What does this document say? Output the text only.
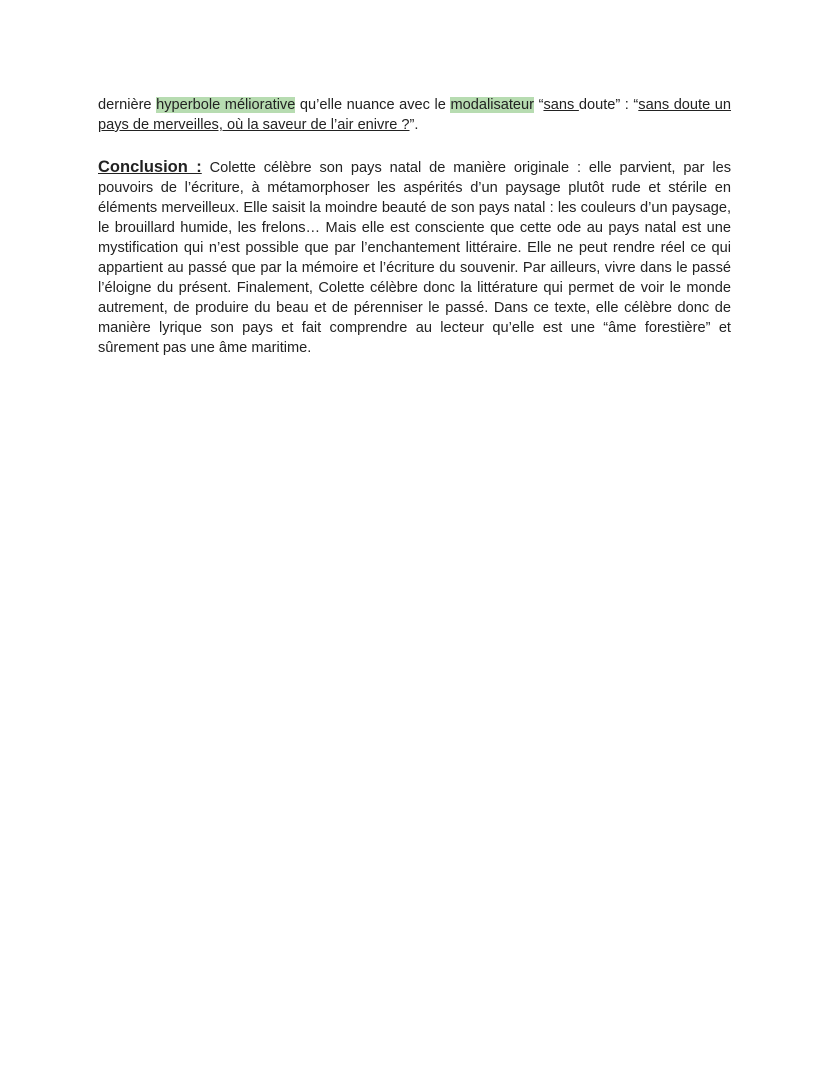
dernière hyperbole méliorative qu’elle nuance avec le modalisateur “sans doute” : “sans doute un pays de merveilles, où la saveur de l’air enivre ?”.

Conclusion : Colette célèbre son pays natal de manière originale : elle parvient, par les pouvoirs de l’écriture, à métamorphoser les aspérités d’un paysage plutôt rude et stérile en éléments merveilleux. Elle saisit la moindre beauté de son pays natal : les couleurs d’un paysage, le brouillard humide, les frelons… Mais elle est consciente que cette ode au pays natal est une mystification qui n’est possible que par l’enchantement littéraire. Elle ne peut rendre réel ce qui appartient au passé que par la mémoire et l’écriture du souvenir. Par ailleurs, vivre dans le passé l’éloigne du présent. Finalement, Colette célèbre donc la littérature qui permet de voir le monde autrement, de produire du beau et de pérenniser le passé. Dans ce texte, elle célèbre donc de manière lyrique son pays et fait comprendre au lecteur qu’elle est une “âme forestière” et sûrement pas une âme maritime.
